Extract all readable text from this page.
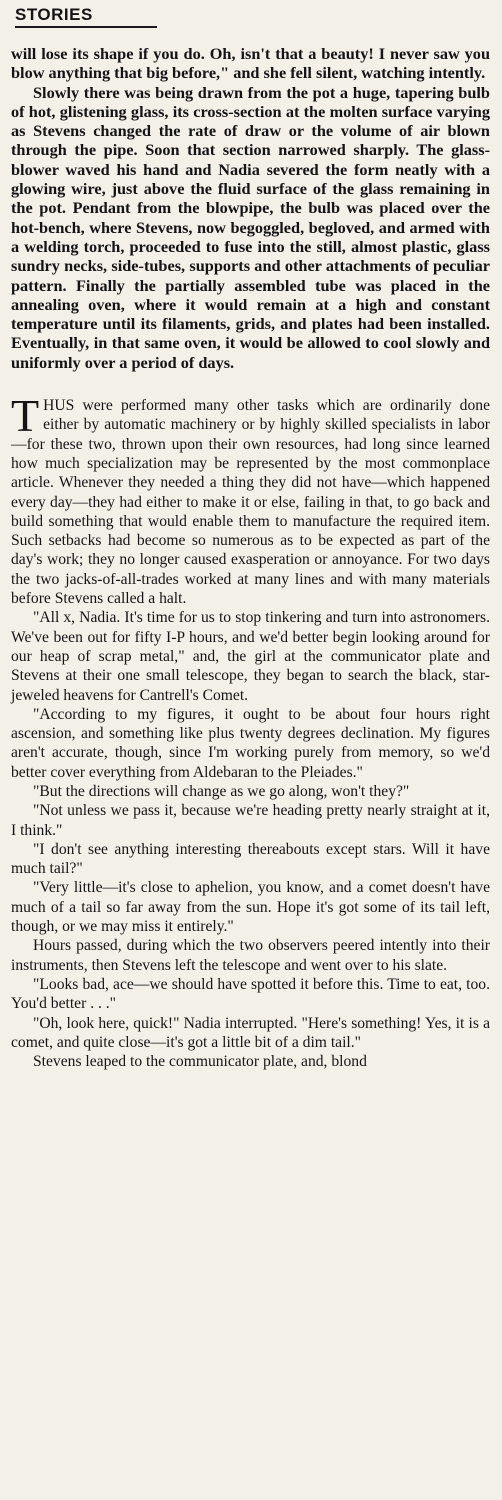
STORIES

will lose its shape if you do. Oh, isn't that a beauty! I never saw you blow anything that big before," and she fell silent, watching intently.

Slowly there was being drawn from the pot a huge, tapering bulb of hot, glistening glass, its cross-section at the molten surface varying as Stevens changed the rate of draw or the volume of air blown through the pipe. Soon that section narrowed sharply. The glass-blower waved his hand and Nadia severed the form neatly with a glowing wire, just above the fluid surface of the glass remaining in the pot. Pendant from the blowpipe, the bulb was placed over the hot-bench, where Stevens, now begoggled, begloved, and armed with a welding torch, proceeded to fuse into the still, almost plastic, glass sundry necks, side-tubes, supports and other attachments of peculiar pattern. Finally the partially assembled tube was placed in the annealing oven, where it would remain at a high and constant temperature until its filaments, grids, and plates had been installed. Eventually, in that same oven, it would be allowed to cool slowly and uniformly over a period of days.

THUS were performed many other tasks which are ordinarily done either by automatic machinery or by highly skilled specialists in labor—for these two, thrown upon their own resources, had long since learned how much specialization may be represented by the most commonplace article. Whenever they needed a thing they did not have—which happened every day—they had either to make it or else, failing in that, to go back and build something that would enable them to manufacture the required item. Such setbacks had become so numerous as to be expected as part of the day's work; they no longer caused exasperation or annoyance. For two days the two jacks-of-all-trades worked at many lines and with many materials before Stevens called a halt.

"All x, Nadia. It's time for us to stop tinkering and turn into astronomers. We've been out for fifty I-P hours, and we'd better begin looking around for our heap of scrap metal," and, the girl at the communicator plate and Stevens at their one small telescope, they began to search the black, star-jeweled heavens for Cantrell's Comet.

"According to my figures, it ought to be about four hours right ascension, and something like plus twenty degrees declination. My figures aren't accurate, though, since I'm working purely from memory, so we'd better cover everything from Aldebaran to the Pleiades."

"But the directions will change as we go along, won't they?"

"Not unless we pass it, because we're heading pretty nearly straight at it, I think."

"I don't see anything interesting thereabouts except stars. Will it have much tail?"

"Very little—it's close to aphelion, you know, and a comet doesn't have much of a tail so far away from the sun. Hope it's got some of its tail left, though, or we may miss it entirely."

Hours passed, during which the two observers peered intently into their instruments, then Stevens left the telescope and went over to his slate.

"Looks bad, ace—we should have spotted it before this. Time to eat, too. You'd better . . ."

"Oh, look here, quick!" Nadia interrupted. "Here's something! Yes, it is a comet, and quite close—it's got a little bit of a dim tail."

Stevens leaped to the communicator plate, and, blond
